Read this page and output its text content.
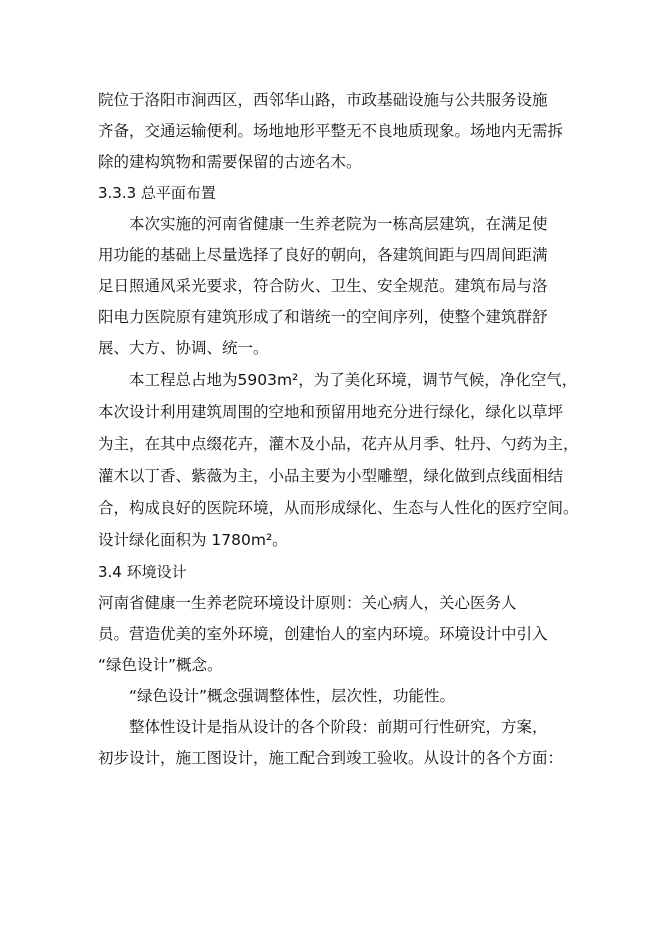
院位于洛阳市涧西区，西邻华山路，市政基础设施与公共服务设施
齐备，交通运输便利。场地地形平整无不良地质现象。场地内无需拆
除的建构筑物和需要保留的古迹名木。
3.3.3 总平面布置
本次实施的河南省健康一生养老院为一栋高层建筑，在满足使
用功能的基础上尽量选择了良好的朝向，各建筑间距与四周间距满
足日照通风采光要求，符合防火、卫生、安全规范。建筑布局与洛
阳电力医院原有建筑形成了和谐统一的空间序列，使整个建筑群舒
展、大方、协调、统一。
本工程总占地为5903m²，为了美化环境，调节气候，净化空气，
本次设计利用建筑周围的空地和预留用地充分进行绿化，绿化以草坪
为主，在其中点缀花卉，灌木及小品，花卉从月季、牡丹、勺药为主，
灌木以丁香、紫薇为主，小品主要为小型雕塑，绿化做到点线面相结
合，构成良好的医院环境，从而形成绿化、生态与人性化的医疗空间。
设计绿化面积为 1780m²。
3.4 环境设计
河南省健康一生养老院环境设计原则：关心病人，关心医务人
员。营造优美的室外环境，创建怡人的室内环境。环境设计中引入
“绿色设计”概念。
“绿色设计”概念强调整体性，层次性，功能性。
整体性设计是指从设计的各个阶段：前期可行性研究，方案，
初步设计，施工图设计，施工配合到竣工验收。从设计的各个方面：
